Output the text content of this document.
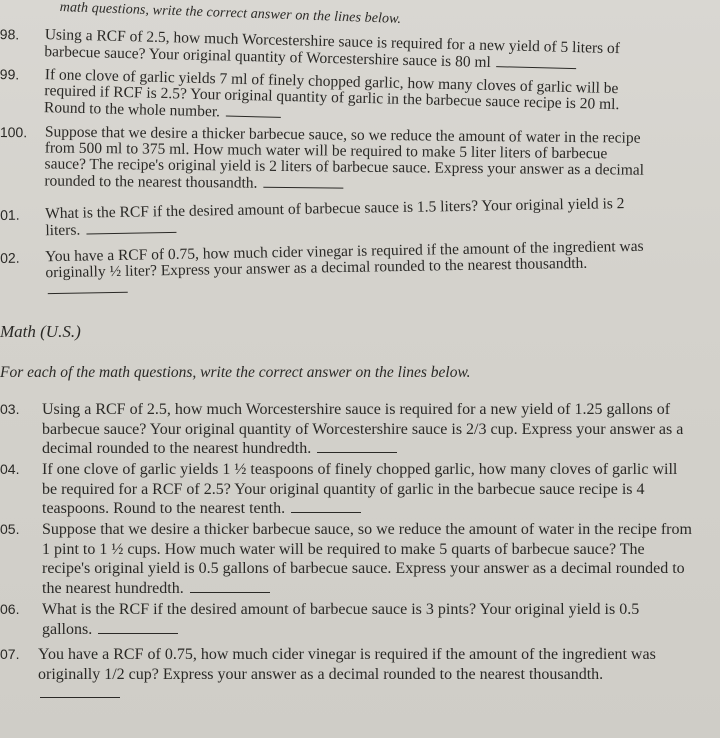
math questions, write the correct answer on the lines below.
98. Using a RCF of 2.5, how much Worcestershire sauce is required for a new yield of 5 liters of barbecue sauce? Your original quantity of Worcestershire sauce is 80 ml
99. If one clove of garlic yields 7 ml of finely chopped garlic, how many cloves of garlic will be required if RCF is 2.5? Your original quantity of garlic in the barbecue sauce recipe is 20 ml. Round to the whole number.
100. Suppose that we desire a thicker barbecue sauce, so we reduce the amount of water in the recipe from 500 ml to 375 ml. How much water will be required to make 5 liter liters of barbecue sauce? The recipe's original yield is 2 liters of barbecue sauce. Express your answer as a decimal rounded to the nearest thousandth.
01. What is the RCF if the desired amount of barbecue sauce is 1.5 liters? Your original yield is 2 liters.
02. You have a RCF of 0.75, how much cider vinegar is required if the amount of the ingredient was originally ½ liter? Express your answer as a decimal rounded to the nearest thousandth.
Math (U.S.)
For each of the math questions, write the correct answer on the lines below.
03. Using a RCF of 2.5, how much Worcestershire sauce is required for a new yield of 1.25 gallons of barbecue sauce? Your original quantity of Worcestershire sauce is 2/3 cup. Express your answer as a decimal rounded to the nearest hundredth.
04. If one clove of garlic yields 1 ½ teaspoons of finely chopped garlic, how many cloves of garlic will be required for a RCF of 2.5? Your original quantity of garlic in the barbecue sauce recipe is 4 teaspoons. Round to the nearest tenth.
05. Suppose that we desire a thicker barbecue sauce, so we reduce the amount of water in the recipe from 1 pint to 1 ½ cups. How much water will be required to make 5 quarts of barbecue sauce? The recipe's original yield is 0.5 gallons of barbecue sauce. Express your answer as a decimal rounded to the nearest hundredth.
06. What is the RCF if the desired amount of barbecue sauce is 3 pints? Your original yield is 0.5 gallons.
07. You have a RCF of 0.75, how much cider vinegar is required if the amount of the ingredient was originally 1/2 cup? Express your answer as a decimal rounded to the nearest thousandth.
